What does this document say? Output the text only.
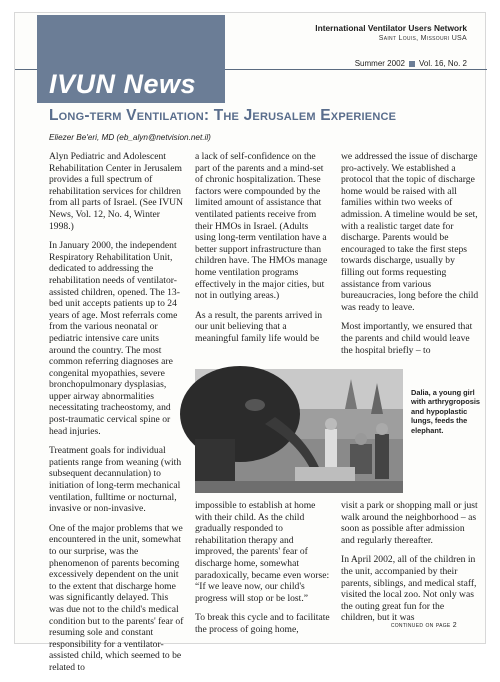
IVUN News
International Ventilator Users Network
Saint Louis, Missouri USA
Summer 2002 Vol. 16, No. 2
Long-term Ventilation: The Jerusalem Experience
Eliezer Be'eri, MD (eb_alyn@netvision.net.il)

Alyn Pediatric and Adolescent Rehabilitation Center in Jerusalem provides a full spectrum of rehabilitation services for children from all parts of Israel. (See IVUN News, Vol. 12, No. 4, Winter 1998.)

In January 2000, the independent Respiratory Rehabilitation Unit, dedicated to addressing the rehabilitation needs of ventilator-assisted children, opened. The 13-bed unit accepts patients up to 24 years of age. Most referrals come from the various neonatal or pediatric intensive care units around the country. The most common referring diagnoses are congenital myopathies, severe bronchopulmonary dysplasias, upper airway abnormalities necessitating tracheostomy, and post-traumatic cervical spine or head injuries.

Treatment goals for individual patients range from weaning (with subsequent decannulation) to initiation of long-term mechanical ventilation, fulltime or nocturnal, invasive or non-invasive.

One of the major problems that we encountered in the unit, somewhat to our surprise, was the phenomenon of parents becoming excessively dependent on the unit to the extent that discharge home was significantly delayed. This was due not to the child's medical condition but to the parents' fear of resuming sole and constant responsibility for a ventilator-assisted child, which seemed to be related to

a lack of self-confidence on the part of the parents and a mind-set of chronic hospitalization. These factors were compounded by the limited amount of assistance that ventilated patients receive from their HMOs in Israel. (Adults using long-term ventilation have a better support infrastructure than children have. The HMOs manage home ventilation programs effectively in the major cities, but not in outlying areas.)

As a result, the parents arrived in our unit believing that a meaningful family life would be

we addressed the issue of discharge pro-actively. We established a protocol that the topic of discharge home would be raised with all families within two weeks of admission. A timeline would be set, with a realistic target date for discharge. Parents would be encouraged to take the first steps towards discharge, usually by filling out forms requesting assistance from various bureaucracies, long before the child was ready to leave.

Most importantly, we ensured that the parents and child would leave the hospital briefly – to

Dalia, a young girl with arthrygroposis and hypoplastic lungs, feeds the elephant.

impossible to establish at home with their child. As the child gradually responded to rehabilitation therapy and improved, the parents' fear of discharge home, somewhat paradoxically, became even worse: “If we leave now, our child's progress will stop or be lost.”

To break this cycle and to facilitate the process of going home,

visit a park or shopping mall or just walk around the neighborhood – as soon as possible after admission and regularly thereafter.

In April 2002, all of the children in the unit, accompanied by their parents, siblings, and medical staff, visited the local zoo. Not only was the outing great fun for the children, but it was

continued on page 2
